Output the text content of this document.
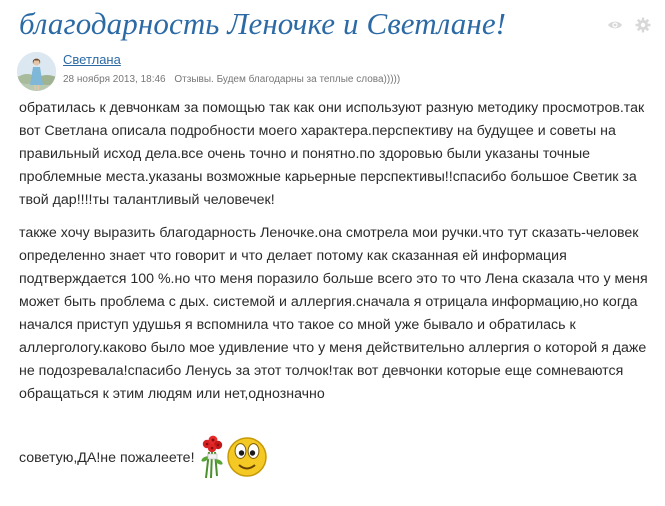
благодарность Леночке и Светлане!
Светлана
28 ноября 2013, 18:46 Отзывы. Будем благодарны за теплые слова)))))

обратилась к девчонкам за помощью так как они используют разную методику просмотров.так вот Светлана описала подробности моего характера.перспективу на будущее и советы на правильный исход дела.все очень точно и понятно.по здоровью были указаны точные проблемные места.указаны возможные карьерные перспективы!!спасибо большое Светик за твой дар!!!!ты талантливый человечек!

также хочу выразить благодарность Леночке.она смотрела мои ручки.что тут сказать-человек определенно знает что говорит и что делает потому как сказанная ей информация подтверждается 100 %.но что меня поразило больше всего это то что Лена сказала что у меня может быть проблема с дых. системой и аллергия.сначала я отрицала информацию,но когда начался приступ удушья я вспомнила что такое со мной уже бывало и обратилась к аллергологу.каково было мое удивление что у меня действительно аллергия о которой я даже не подозревала!спасибо Ленусь за этот толчок!так вот девчонки которые еще сомневаются обращаться к этим людям или нет,однозначно

советую,ДА!не пожалеете!
